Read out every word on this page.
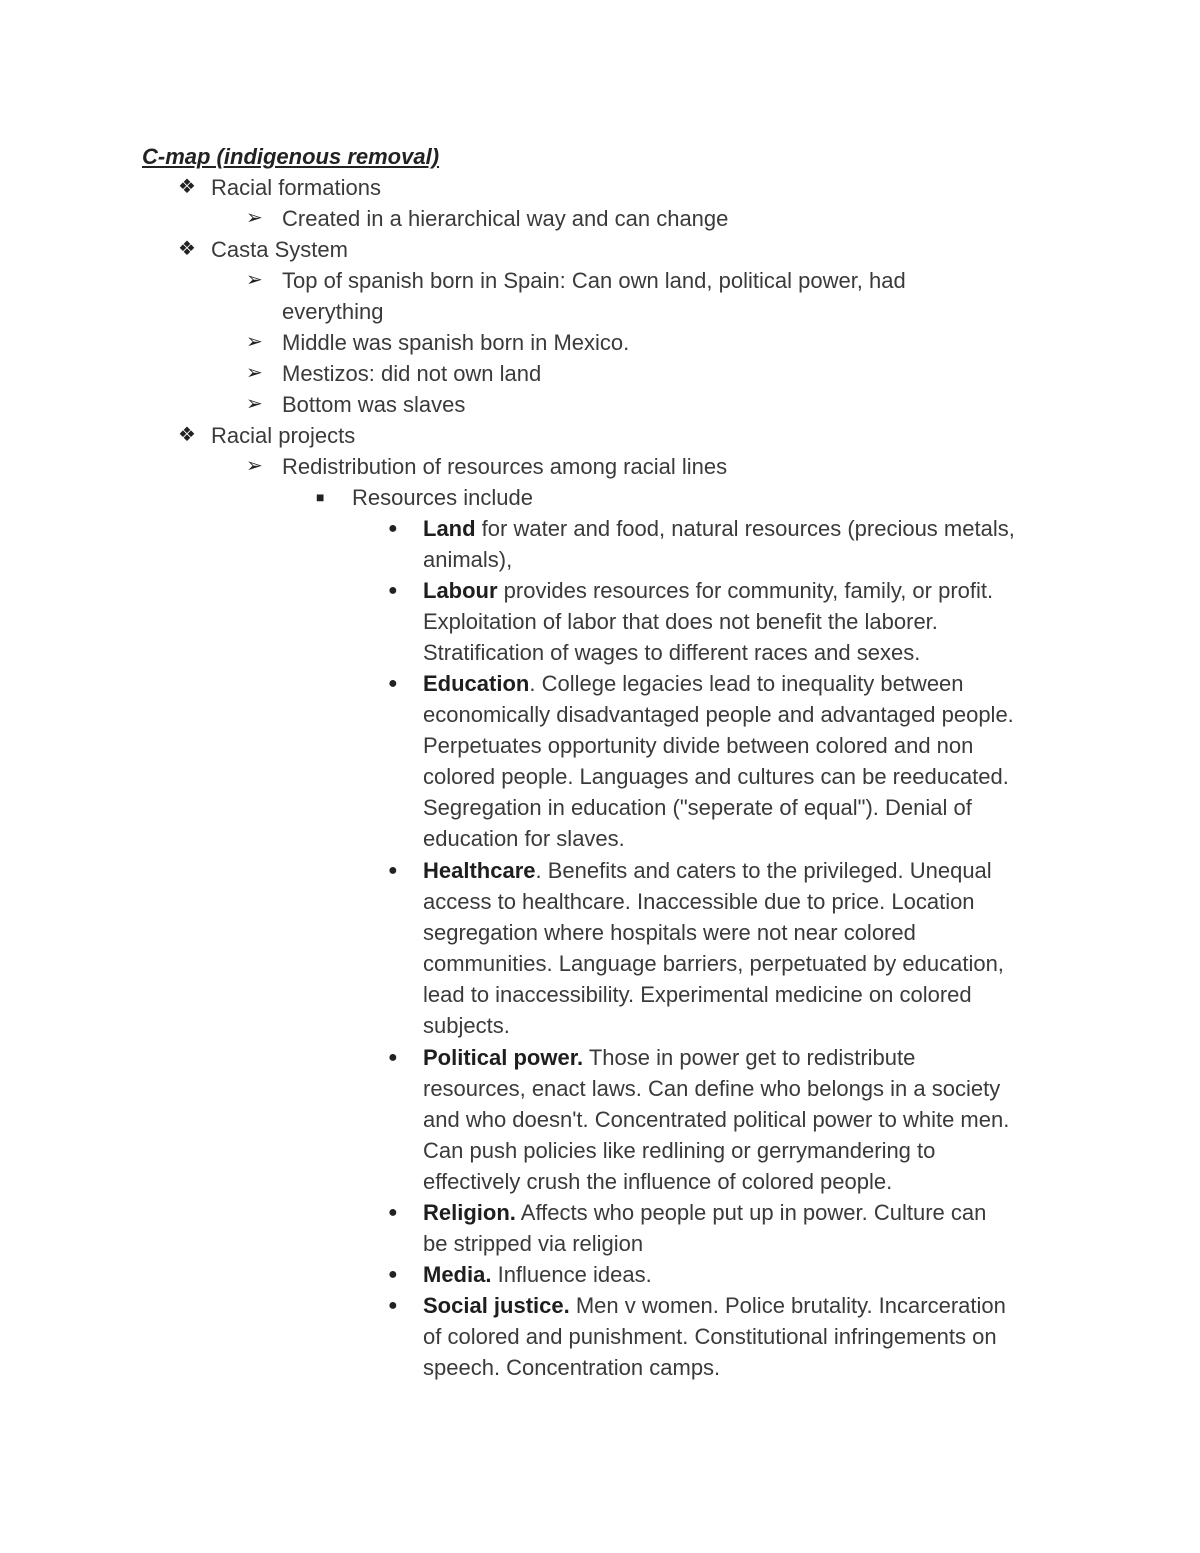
C-map (indigenous removal)
❖ Racial formations
➢ Created in a hierarchical way and can change
❖ Casta System
➢ Top of spanish born in Spain: Can own land, political power, had
everything
➢ Middle was spanish born in Mexico.
➢ Mestizos: did not own land
➢ Bottom was slaves
❖ Racial projects
➢ Redistribution of resources among racial lines
■ Resources include
● Land for water and food, natural resources (precious metals,
animals),
● Labour provides resources for community, family, or profit.
Exploitation of labor that does not benefit the laborer.
Stratification of wages to different races and sexes.
● Education. College legacies lead to inequality between
economically disadvantaged people and advantaged people.
Perpetuates opportunity divide between colored and non
colored people. Languages and cultures can be reeducated.
Segregation in education ("seperate of equal"). Denial of
education for slaves.
● Healthcare. Benefits and caters to the privileged. Unequal
access to healthcare. Inaccessible due to price. Location
segregation where hospitals were not near colored
communities. Language barriers, perpetuated by education,
lead to inaccessibility. Experimental medicine on colored
subjects.
● Political power. Those in power get to redistribute
resources, enact laws. Can define who belongs in a society
and who doesn't. Concentrated political power to white men.
Can push policies like redlining or gerrymandering to
effectively crush the influence of colored people.
● Religion. Affects who people put up in power. Culture can
be stripped via religion
● Media. Influence ideas.
● Social justice. Men v women. Police brutality. Incarceration
of colored and punishment. Constitutional infringements on
speech. Concentration camps.
